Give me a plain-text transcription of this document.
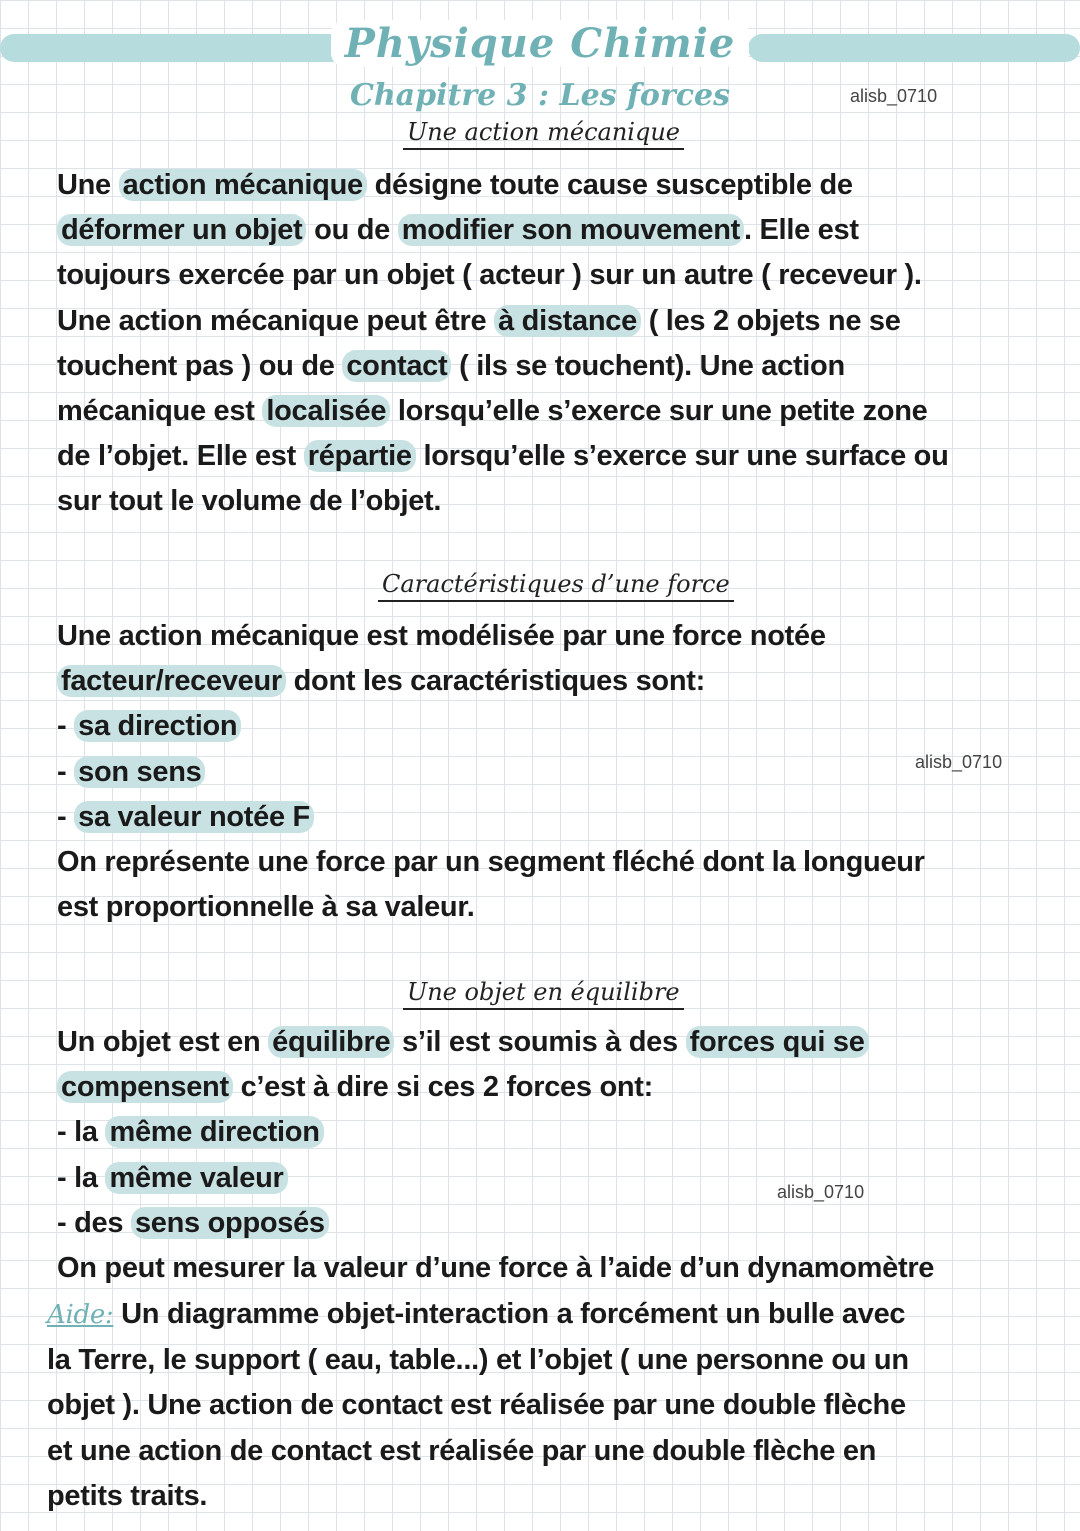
Physique Chimie
Chapitre 3 : Les forces	alisb_0710
Une action mécanique
Une action mécanique désigne toute cause susceptible de
déformer un objet ou de modifier son mouvement . Elle est
toujours exercée par un objet ( acteur ) sur un autre ( receveur ).
Une action mécanique peut être à distance ( les 2 objets ne se
touchent pas ) ou de contact ( ils se touchent). Une action
mécanique est localisée lorsqu’elle s’exerce sur une petite zone
de l’objet. Elle est répartie lorsqu’elle s’exerce sur une surface ou
sur tout le volume de l’objet.
Caractéristiques d’une force
alisb_0710
Une action mécanique est modélisée par une force notée
facteur/receveur dont les caractéristiques sont:
- sa direction
- son sens
- sa valeur notée F
On représente une force par un segment fléché dont la longueur
est proportionnelle à sa valeur.
Une objet en équilibre
alisb_0710
Un objet est en équilibre s’il est soumis à des forces qui se
compensent c’est à dire si ces 2 forces ont:
- la même direction
- la même valeur
- des sens opposés
On peut mesurer la valeur d’une force à l’aide d’un dynamomètre
Aide: Un diagramme objet-interaction a forcément un bulle avec
la Terre, le support ( eau, table...) et l’objet ( une personne ou un
objet ). Une action de contact est réalisée par une double flèche
et une action de contact est réalisée par une double flèche en
petits traits.
